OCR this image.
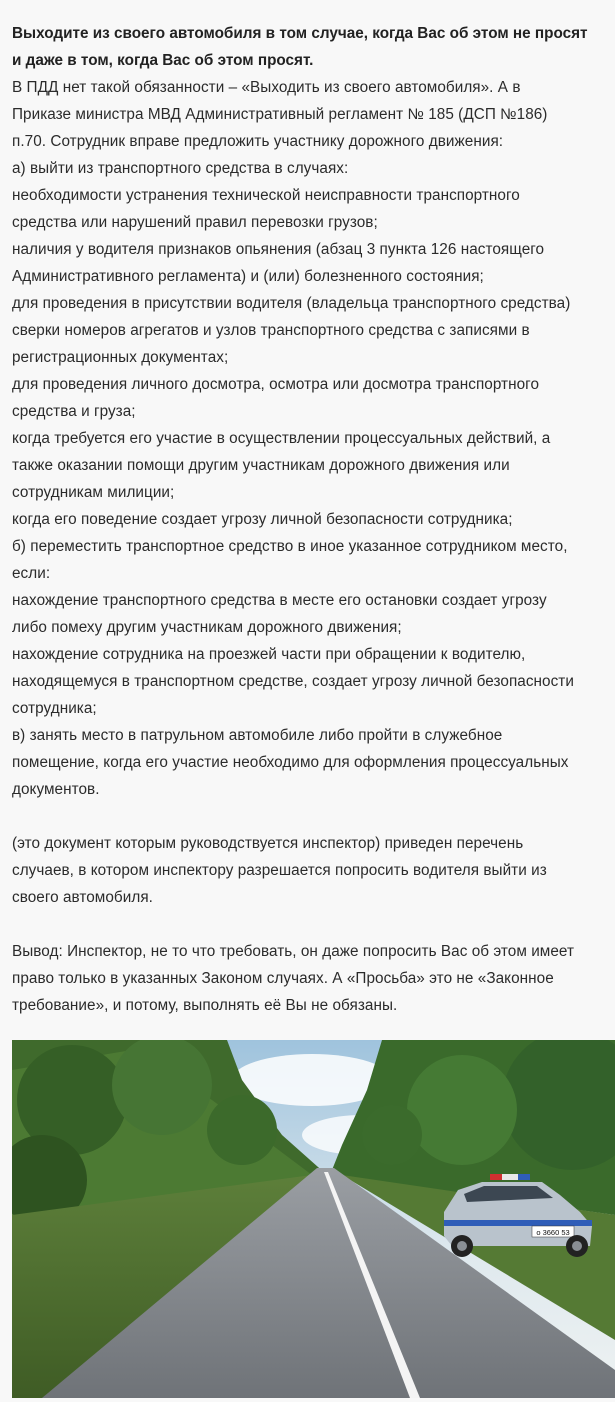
Выходите из своего автомобиля в том случае, когда Вас об этом не просят

и даже в том, когда Вас об этом просят.

В ПДД нет такой обязанности – «Выходить из своего автомобиля». А в

Приказе министра МВД Административный регламент № 185 (ДСП №186)

п.70. Сотрудник вправе предложить участнику дорожного движения:

а) выйти из транспортного средства в случаях:

необходимости устранения технической неисправности транспортного

средства или нарушений правил перевозки грузов;

наличия у водителя признаков опьянения (абзац 3 пункта 126 настоящего

Административного регламента) и (или) болезненного состояния;

для проведения в присутствии водителя (владельца транспортного средства)

сверки номеров агрегатов и узлов транспортного средства с записями в

регистрационных документах;

для проведения личного досмотра, осмотра или досмотра транспортного

средства и груза;

когда требуется его участие в осуществлении процессуальных действий, а

также оказании помощи другим участникам дорожного движения или

сотрудникам милиции;

когда его поведение создает угрозу личной безопасности сотрудника;

б) переместить транспортное средство в иное указанное сотрудником место,

если:

нахождение транспортного средства в месте его остановки создает угрозу

либо помеху другим участникам дорожного движения;

нахождение сотрудника на проезжей части при обращении к водителю,

находящемуся в транспортном средстве, создает угрозу личной безопасности

сотрудника;

в) занять место в патрульном автомобиле либо пройти в служебное

помещение, когда его участие необходимо для оформления процессуальных

документов.

(это документ которым руководствуется инспектор) приведен перечень

случаев, в котором инспектору разрешается попросить водителя выйти из

своего автомобиля.

Вывод: Инспектор, не то что требовать, он даже попросить Вас об этом имеет

право только в указанных Законом случаях. А «Просьба» это не «Законное

требование», и потому, выполнять её Вы не обязаны.

о 3660 53
